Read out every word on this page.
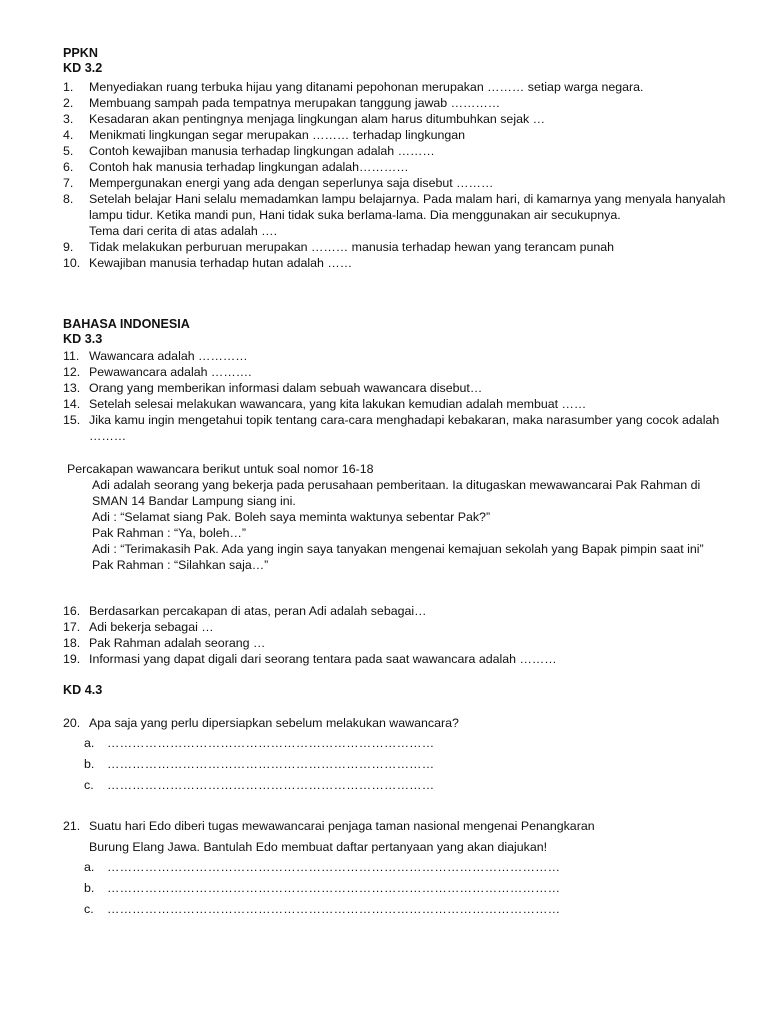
PPKN
KD 3.2
1. Menyediakan ruang terbuka hijau yang ditanami pepohonan merupakan ……… setiap warga negara.
2. Membuang sampah pada tempatnya merupakan tanggung jawab …………
3. Kesadaran akan pentingnya menjaga lingkungan alam harus ditumbuhkan sejak …
4. Menikmati lingkungan segar merupakan ……… terhadap lingkungan
5. Contoh kewajiban manusia terhadap lingkungan adalah ………
6. Contoh hak manusia terhadap lingkungan adalah…………
7. Mempergunakan energi yang ada dengan seperlunya saja disebut ………
8. Setelah belajar Hani selalu memadamkan lampu belajarnya. Pada malam hari, di kamarnya yang menyala hanyalah lampu tidur. Ketika mandi pun, Hani tidak suka berlama-lama. Dia menggunakan air secukupnya.
Tema dari cerita di atas adalah ….
9. Tidak melakukan perburuan merupakan ……… manusia terhadap hewan yang terancam punah
10. Kewajiban manusia terhadap hutan adalah ……
BAHASA INDONESIA
KD 3.3
11. Wawancara adalah …………
12. Pewawancara adalah ……….
13. Orang yang memberikan informasi dalam sebuah wawancara disebut…
14. Setelah selesai melakukan wawancara, yang kita lakukan kemudian adalah membuat ……
15. Jika kamu ingin mengetahui topik tentang cara-cara menghadapi kebakaran, maka narasumber yang cocok adalah ………

Percakapan wawancara berikut untuk soal nomor 16-18

Adi adalah seorang yang bekerja pada perusahaan pemberitaan. Ia ditugaskan mewawancarai Pak Rahman di SMAN 14 Bandar Lampung siang ini.

Adi : “Selamat siang Pak. Boleh saya meminta waktunya sebentar Pak?”

Pak Rahman : “Ya, boleh…”

Adi : “Terimakasih Pak. Ada yang ingin saya tanyakan mengenai kemajuan sekolah yang Bapak pimpin saat ini”

Pak Rahman : “Silahkan saja…”

16. Berdasarkan percakapan di atas, peran Adi adalah sebagai…
17. Adi bekerja sebagai …
18. Pak Rahman adalah seorang …
19. Informasi yang dapat digali dari seorang tentara pada saat wawancara adalah ………
KD 4.3
20. Apa saja yang perlu dipersiapkan sebelum melakukan wawancara?
a. ……………………………………………………………………
b. ……………………………………………………………………
c. ……………………………………………………………………
21. Suatu hari Edo diberi tugas mewawancarai penjaga taman nasional mengenai Penangkaran
Burung Elang Jawa. Bantulah Edo membuat daftar pertanyaan yang akan diajukan!
a. ………………………………………………………………………………………………
b. ………………………………………………………………………………………………
c. ………………………………………………………………………………………………
